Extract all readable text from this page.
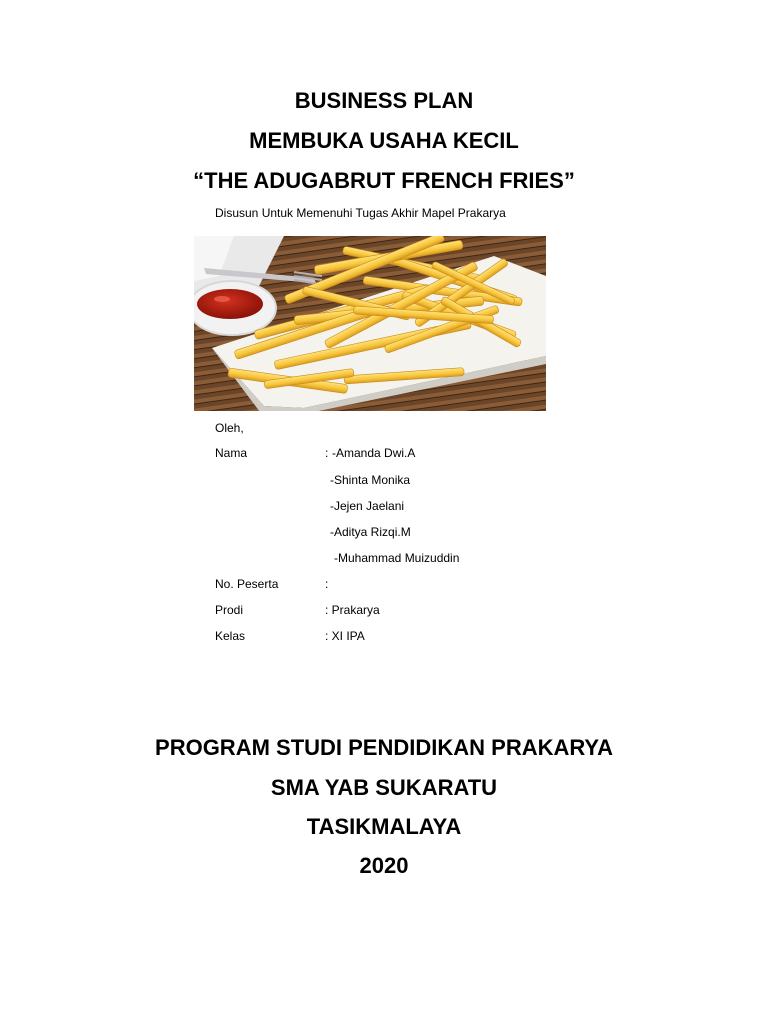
BUSINESS PLAN
MEMBUKA USAHA KECIL
“THE ADUGABRUT FRENCH FRIES”
Disusun Untuk Memenuhi Tugas Akhir Mapel Prakarya
Oleh,
Nama	: -Amanda Dwi.A
-Shinta Monika
-Jejen Jaelani
-Aditya Rizqi.M
-Muhammad Muizuddin
No. Peserta	:
Prodi	: Prakarya
Kelas	: XI IPA
PROGRAM STUDI PENDIDIKAN PRAKARYA
SMA YAB SUKARATU
TASIKMALAYA
2020
